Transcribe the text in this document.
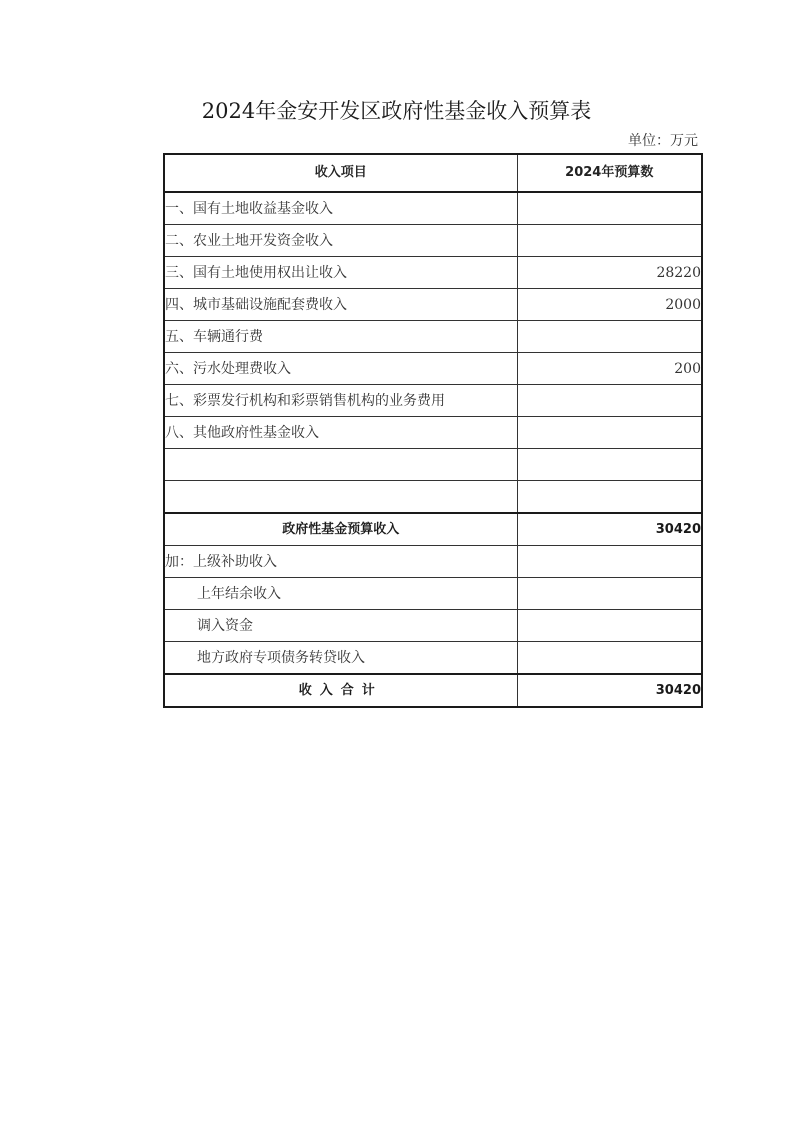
2024年金安开发区政府性基金收入预算表
单位：万元
收入项目	2024年预算数
一、国有土地收益基金收入	
二、农业土地开发资金收入	
三、国有土地使用权出让收入	28220
四、城市基础设施配套费收入	2000
五、车辆通行费	
六、污水处理费收入	200
七、彩票发行机构和彩票销售机构的业务费用	
八、其他政府性基金收入	

政府性基金预算收入	30420
加：上级补助收入	
上年结余收入	
调入资金	
地方政府专项债务转贷收入	
收入合计	30420
